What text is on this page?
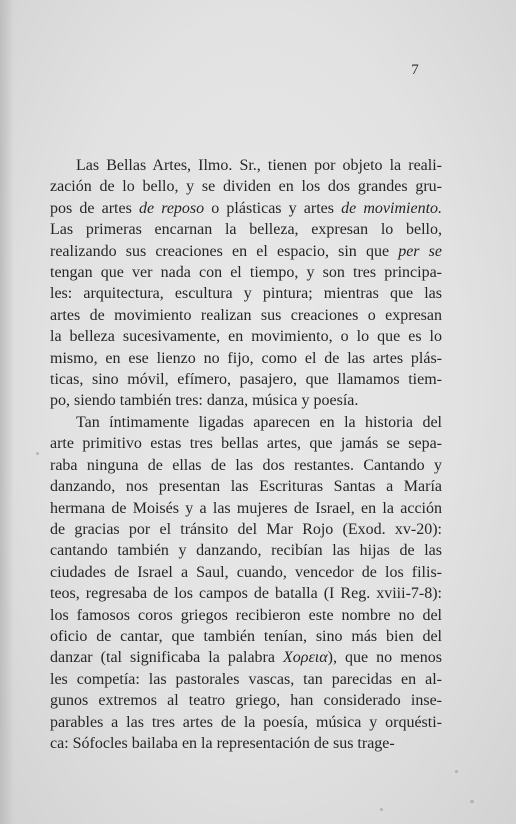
7
Las Bellas Artes, Ilmo. Sr., tienen por objeto la reali-
zación de lo bello, y se dividen en los dos grandes gru-
pos de artes de reposo o plásticas y artes de movimiento.
Las primeras encarnan la belleza, expresan lo bello,
realizando sus creaciones en el espacio, sin que per se
tengan que ver nada con el tiempo, y son tres principa-
les: arquitectura, escultura y pintura; mientras que las
artes de movimiento realizan sus creaciones o expresan
la belleza sucesivamente, en movimiento, o lo que es lo
mismo, en ese lienzo no fijo, como el de las artes plás-
ticas, sino móvil, efímero, pasajero, que llamamos tiem-
po, siendo también tres: danza, música y poesía.
Tan íntimamente ligadas aparecen en la historia del
arte primitivo estas tres bellas artes, que jamás se sepa-
raba ninguna de ellas de las dos restantes. Cantando y
danzando, nos presentan las Escrituras Santas a María
hermana de Moisés y a las mujeres de Israel, en la acción
de gracias por el tránsito del Mar Rojo (Exod. xv-20):
cantando también y danzando, recibían las hijas de las
ciudades de Israel a Saul, cuando, vencedor de los filis-
teos, regresaba de los campos de batalla (I Reg. xviii-7-8):
los famosos coros griegos recibieron este nombre no del
oficio de cantar, que también tenían, sino más bien del
danzar (tal significaba la palabra Χορεια), que no menos
les competía: las pastorales vascas, tan parecidas en al-
gunos extremos al teatro griego, han considerado inse-
parables a las tres artes de la poesía, música y orquésti-
ca: Sófocles bailaba en la representación de sus trage-
